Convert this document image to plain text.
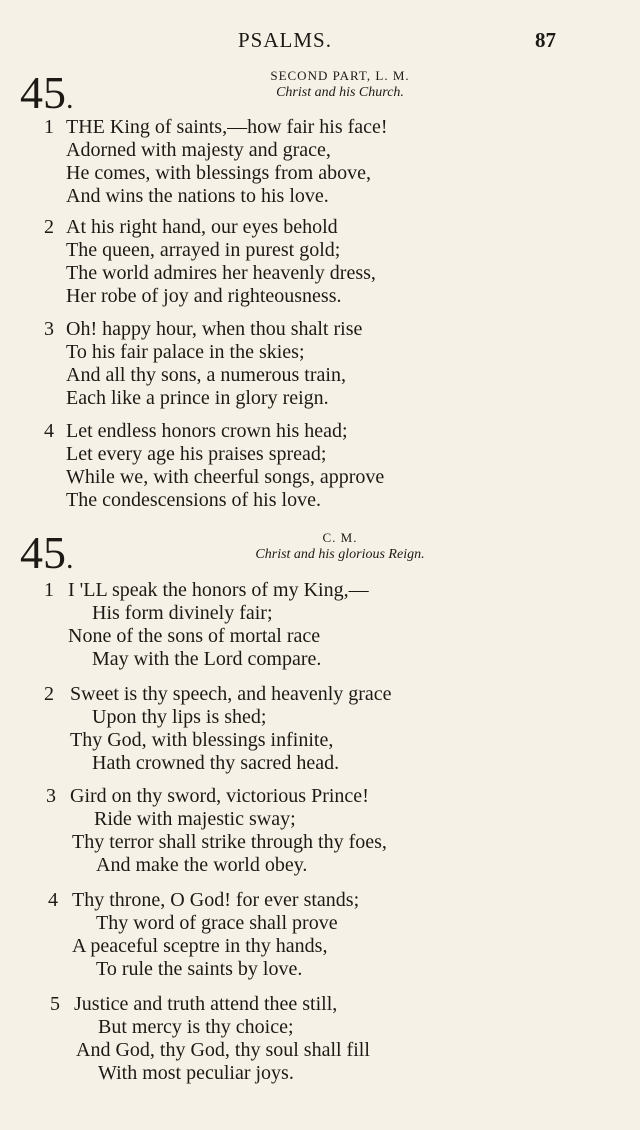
PSALMS.	87
45.
SECOND PART, L. M.
Christ and his Church.
1 THE King of saints,—how fair his face!
Adorned with majesty and grace,
He comes, with blessings from above,
And wins the nations to his love.
2 At his right hand, our eyes behold
The queen, arrayed in purest gold;
The world admires her heavenly dress,
Her robe of joy and righteousness.
3 Oh! happy hour, when thou shalt rise
To his fair palace in the skies;
And all thy sons, a numerous train,
Each like a prince in glory reign.
4 Let endless honors crown his head;
Let every age his praises spread;
While we, with cheerful songs, approve
The condescensions of his love.
45.
C. M.
Christ and his glorious Reign.
1 I 'LL speak the honors of my King,—
His form divinely fair;
None of the sons of mortal race
May with the Lord compare.
2 Sweet is thy speech, and heavenly grace
Upon thy lips is shed;
Thy God, with blessings infinite,
Hath crowned thy sacred head.
3 Gird on thy sword, victorious Prince!
Ride with majestic sway;
Thy terror shall strike through thy foes,
And make the world obey.
4 Thy throne, O God! for ever stands;
Thy word of grace shall prove
A peaceful sceptre in thy hands,
To rule the saints by love.
5 Justice and truth attend thee still,
But mercy is thy choice;
And God, thy God, thy soul shall fill
With most peculiar joys.
